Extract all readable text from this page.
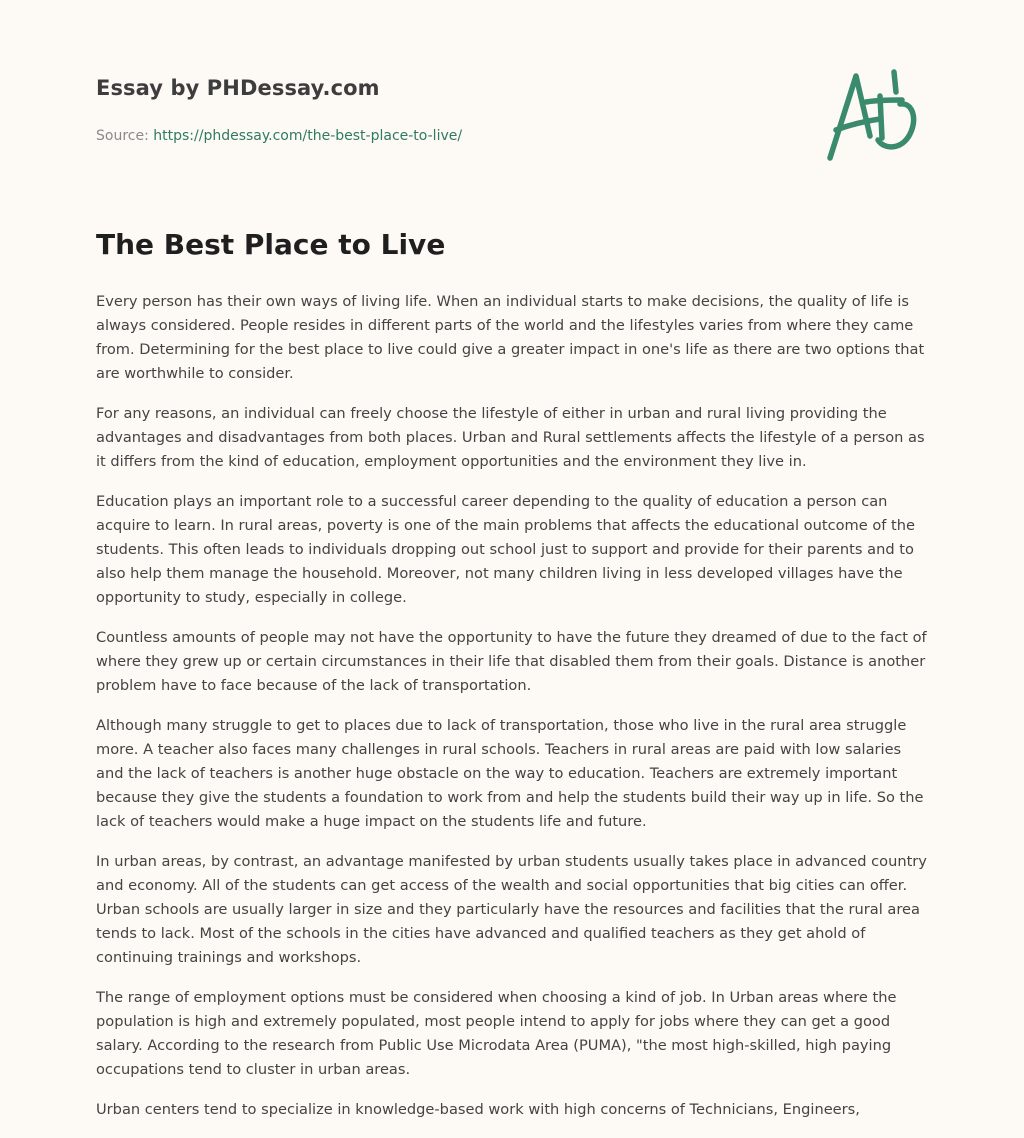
Essay by PHDessay.com
Source: https://phdessay.com/the-best-place-to-live/
The Best Place to Live

Every person has their own ways of living life. When an individual starts to make decisions, the quality of life is always considered. People resides in different parts of the world and the lifestyles varies from where they came from. Determining for the best place to live could give a greater impact in one's life as there are two options that are worthwhile to consider.

For any reasons, an individual can freely choose the lifestyle of either in urban and rural living providing the advantages and disadvantages from both places. Urban and Rural settlements affects the lifestyle of a person as it differs from the kind of education, employment opportunities and the environment they live in.

Education plays an important role to a successful career depending to the quality of education a person can acquire to learn. In rural areas, poverty is one of the main problems that affects the educational outcome of the students. This often leads to individuals dropping out school just to support and provide for their parents and to also help them manage the household. Moreover, not many children living in less developed villages have the opportunity to study, especially in college.

Countless amounts of people may not have the opportunity to have the future they dreamed of due to the fact of where they grew up or certain circumstances in their life that disabled them from their goals. Distance is another problem have to face because of the lack of transportation.

Although many struggle to get to places due to lack of transportation, those who live in the rural area struggle more. A teacher also faces many challenges in rural schools. Teachers in rural areas are paid with low salaries and the lack of teachers is another huge obstacle on the way to education. Teachers are extremely important because they give the students a foundation to work from and help the students build their way up in life. So the lack of teachers would make a huge impact on the students life and future.

In urban areas, by contrast, an advantage manifested by urban students usually takes place in advanced country and economy. All of the students can get access of the wealth and social opportunities that big cities can offer. Urban schools are usually larger in size and they particularly have the resources and facilities that the rural area tends to lack. Most of the schools in the cities have advanced and qualified teachers as they get ahold of continuing trainings and workshops.

The range of employment options must be considered when choosing a kind of job. In Urban areas where the population is high and extremely populated, most people intend to apply for jobs where they can get a good salary. According to the research from Public Use Microdata Area (PUMA), "the most high-skilled, high paying occupations tend to cluster in urban areas.

Urban centers tend to specialize in knowledge-based work with high concerns of Technicians, Engineers,
